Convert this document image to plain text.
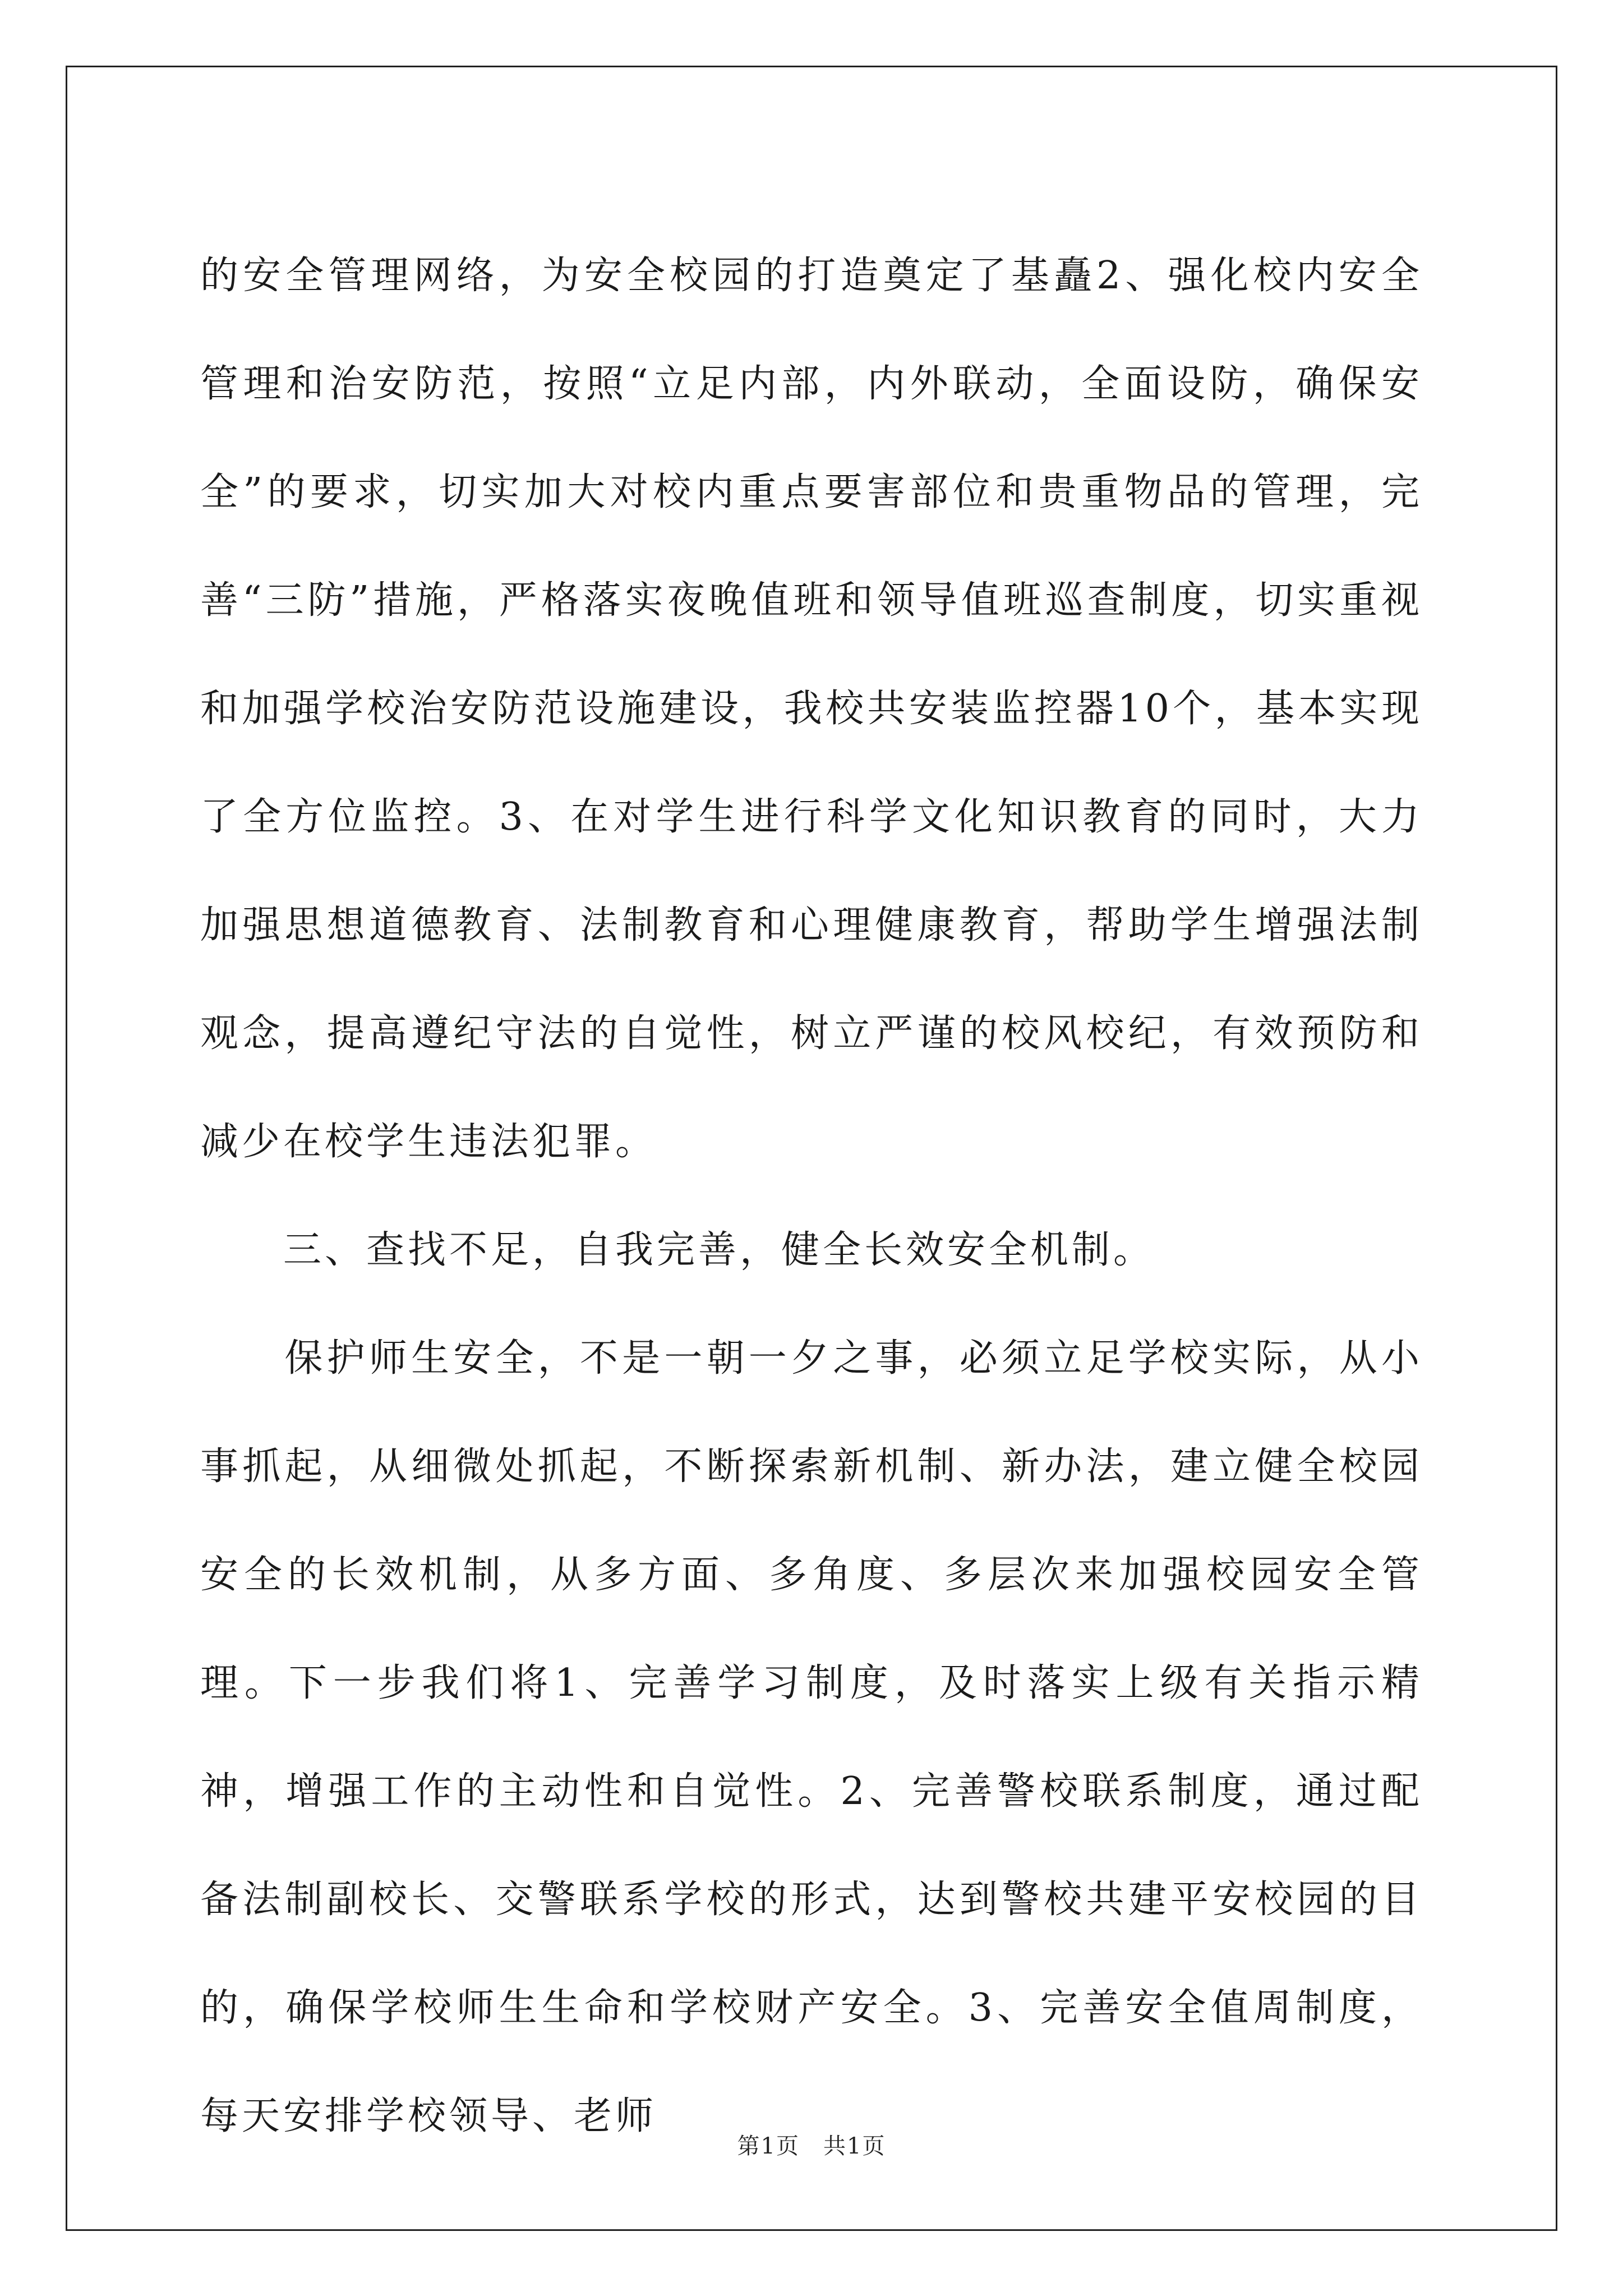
的安全管理网络，为安全校园的打造奠定了基矗2、强化校内安全管理和治安防范，按照“立足内部，内外联动，全面设防，确保安全”的要求，切实加大对校内重点要害部位和贵重物品的管理，完善“三防”措施，严格落实夜晚值班和领导值班巡查制度，切实重视和加强学校治安防范设施建设，我校共安装监控器10个，基本实现了全方位监控。3、在对学生进行科学文化知识教育的同时，大力加强思想道德教育、法制教育和心理健康教育，帮助学生增强法制观念，提高遵纪守法的自觉性，树立严谨的校风校纪，有效预防和减少在校学生违法犯罪。

　　三、查找不足，自我完善，健全长效安全机制。

　　保护师生安全，不是一朝一夕之事，必须立足学校实际，从小事抓起，从细微处抓起，不断探索新机制、新办法，建立健全校园安全的长效机制，从多方面、多角度、多层次来加强校园安全管理。下一步我们将1、完善学习制度，及时落实上级有关指示精神，增强工作的主动性和自觉性。2、完善警校联系制度，通过配备法制副校长、交警联系学校的形式，达到警校共建平安校园的目的，确保学校师生生命和学校财产安全。3、完善安全值周制度，每天安排学校领导、老师

第1页　共1页
